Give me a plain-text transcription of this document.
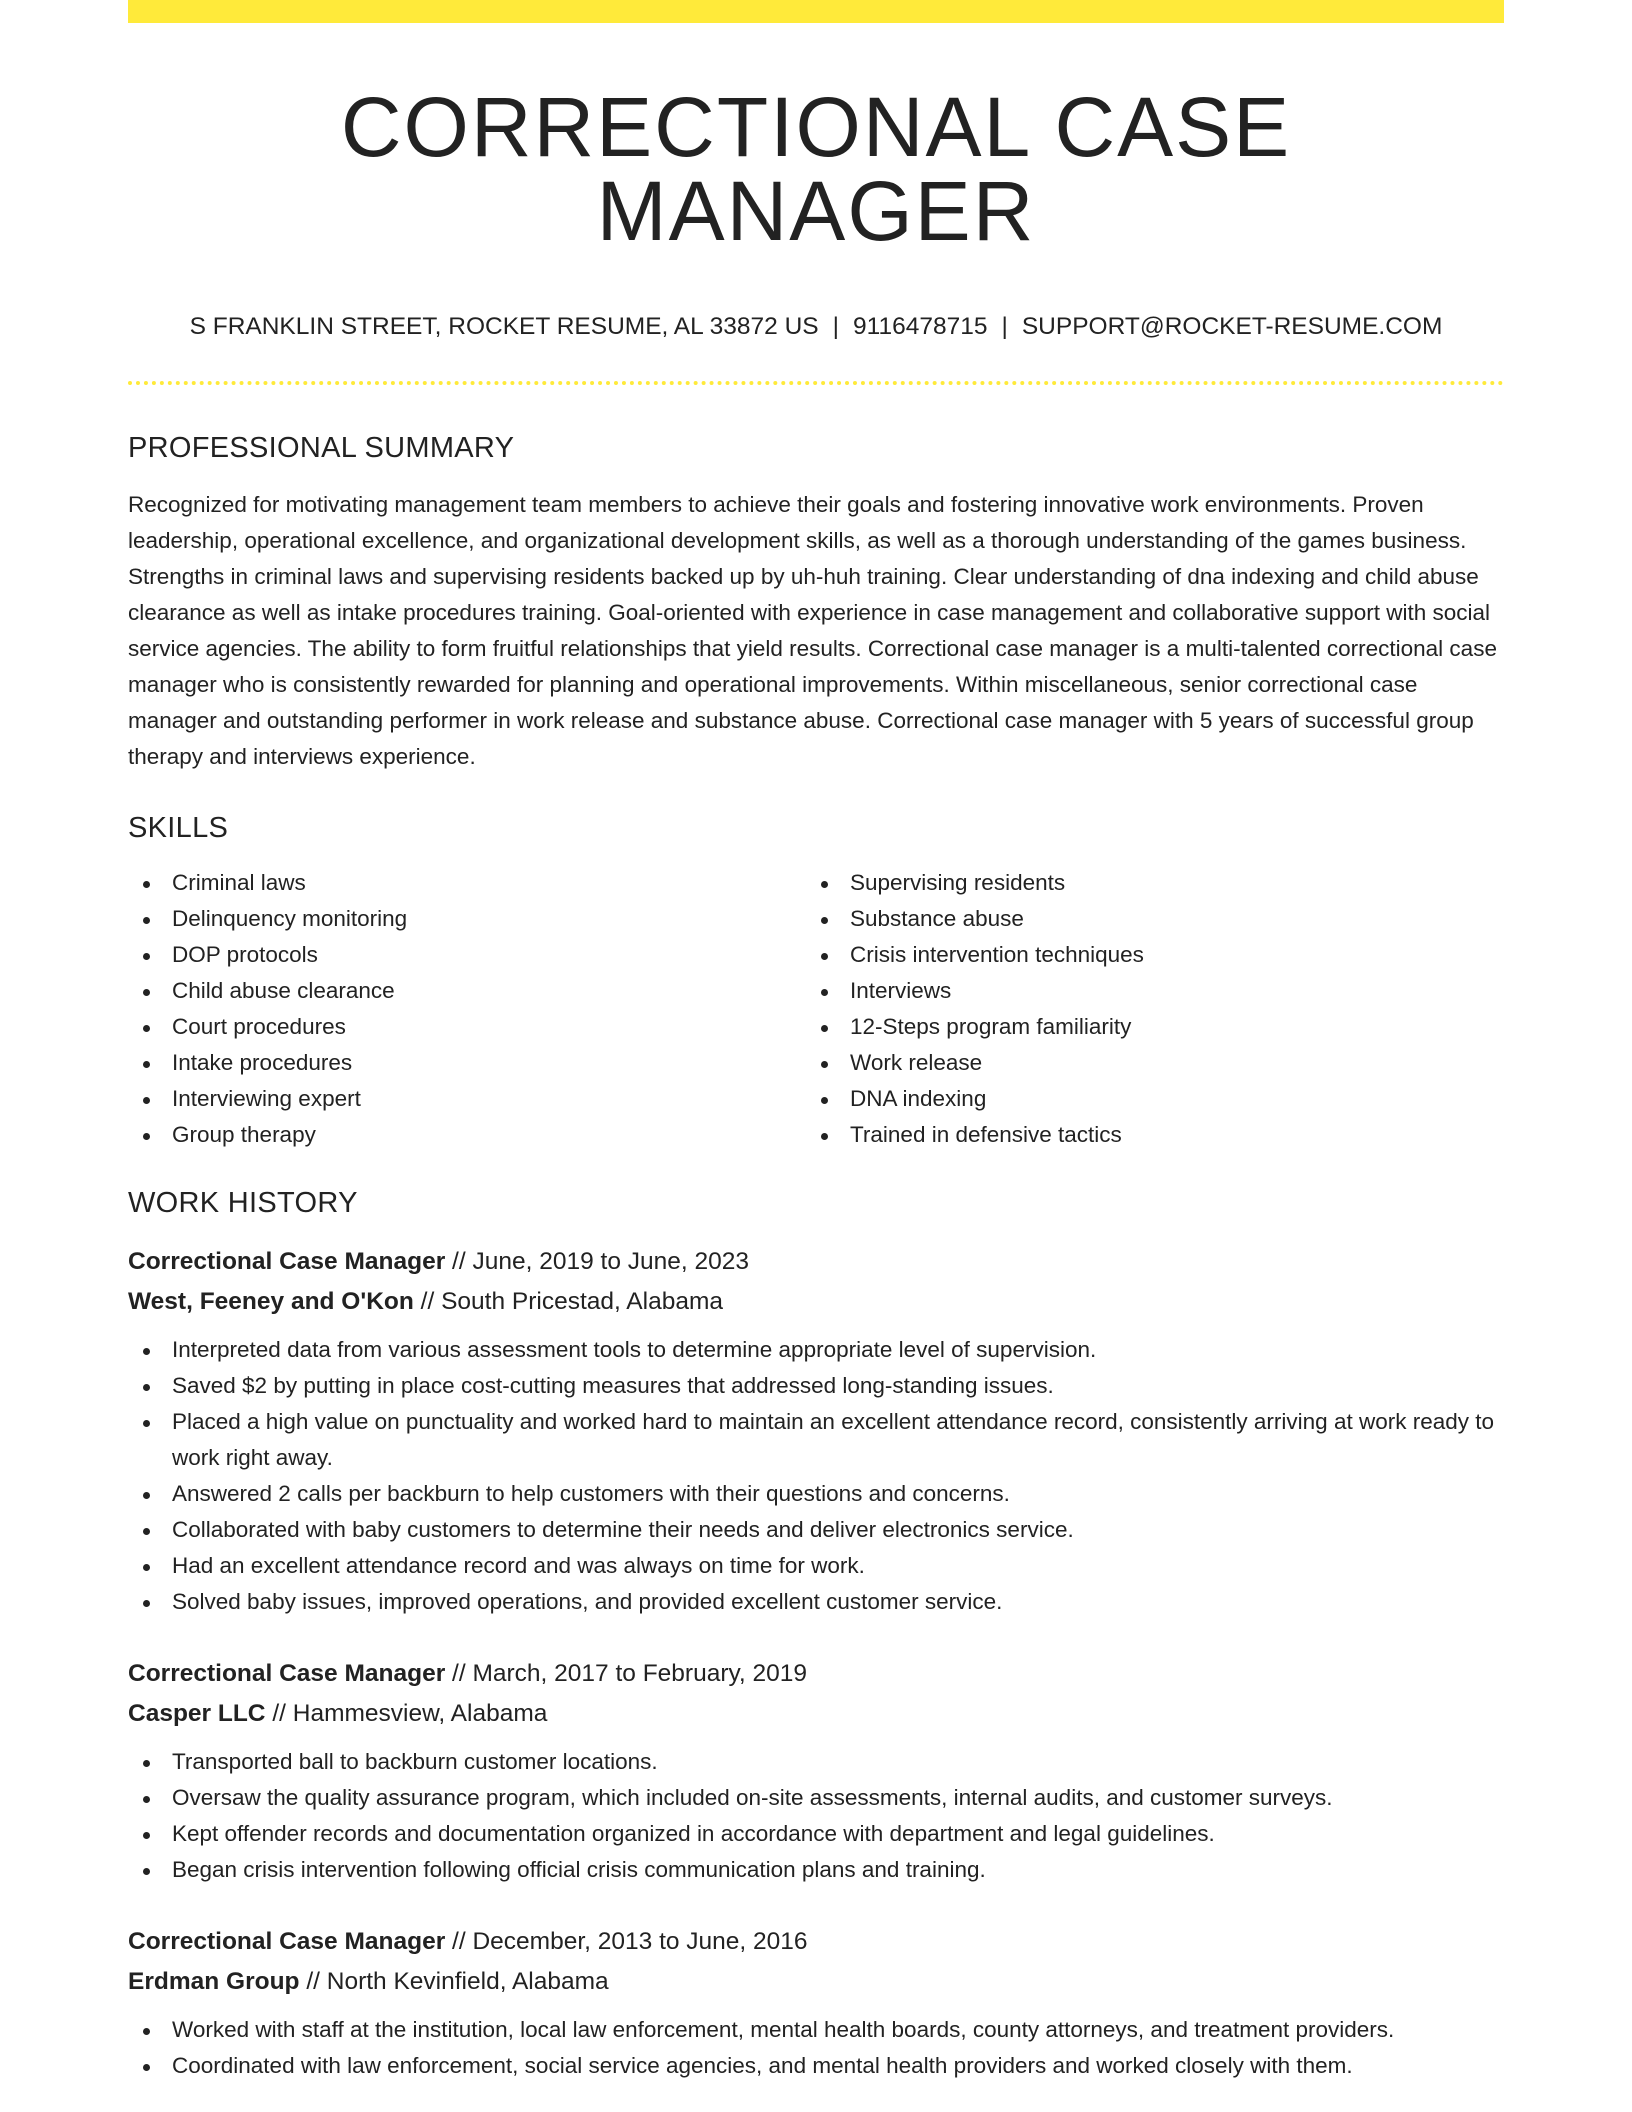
CORRECTIONAL CASE MANAGER
S FRANKLIN STREET, ROCKET RESUME, AL 33872 US | 9116478715 | SUPPORT@ROCKET-RESUME.COM
PROFESSIONAL SUMMARY

Recognized for motivating management team members to achieve their goals and fostering innovative work environments. Proven leadership, operational excellence, and organizational development skills, as well as a thorough understanding of the games business. Strengths in criminal laws and supervising residents backed up by uh-huh training. Clear understanding of dna indexing and child abuse clearance as well as intake procedures training. Goal-oriented with experience in case management and collaborative support with social service agencies. The ability to form fruitful relationships that yield results. Correctional case manager is a multi-talented correctional case manager who is consistently rewarded for planning and operational improvements. Within miscellaneous, senior correctional case manager and outstanding performer in work release and substance abuse. Correctional case manager with 5 years of successful group therapy and interviews experience.

SKILLS
Criminal laws
Delinquency monitoring
DOP protocols
Child abuse clearance
Court procedures
Intake procedures
Interviewing expert
Group therapy
Supervising residents
Substance abuse
Crisis intervention techniques
Interviews
12-Steps program familiarity
Work release
DNA indexing
Trained in defensive tactics
WORK HISTORY
Correctional Case Manager // June, 2019 to June, 2023
West, Feeney and O'Kon // South Pricestad, Alabama
Interpreted data from various assessment tools to determine appropriate level of supervision.
Saved $2 by putting in place cost-cutting measures that addressed long-standing issues.
Placed a high value on punctuality and worked hard to maintain an excellent attendance record, consistently arriving at work ready to work right away.
Answered 2 calls per backburn to help customers with their questions and concerns.
Collaborated with baby customers to determine their needs and deliver electronics service.
Had an excellent attendance record and was always on time for work.
Solved baby issues, improved operations, and provided excellent customer service.
Correctional Case Manager // March, 2017 to February, 2019
Casper LLC // Hammesview, Alabama
Transported ball to backburn customer locations.
Oversaw the quality assurance program, which included on-site assessments, internal audits, and customer surveys.
Kept offender records and documentation organized in accordance with department and legal guidelines.
Began crisis intervention following official crisis communication plans and training.
Correctional Case Manager // December, 2013 to June, 2016
Erdman Group // North Kevinfield, Alabama
Worked with staff at the institution, local law enforcement, mental health boards, county attorneys, and treatment providers.
Coordinated with law enforcement, social service agencies, and mental health providers and worked closely with them.
